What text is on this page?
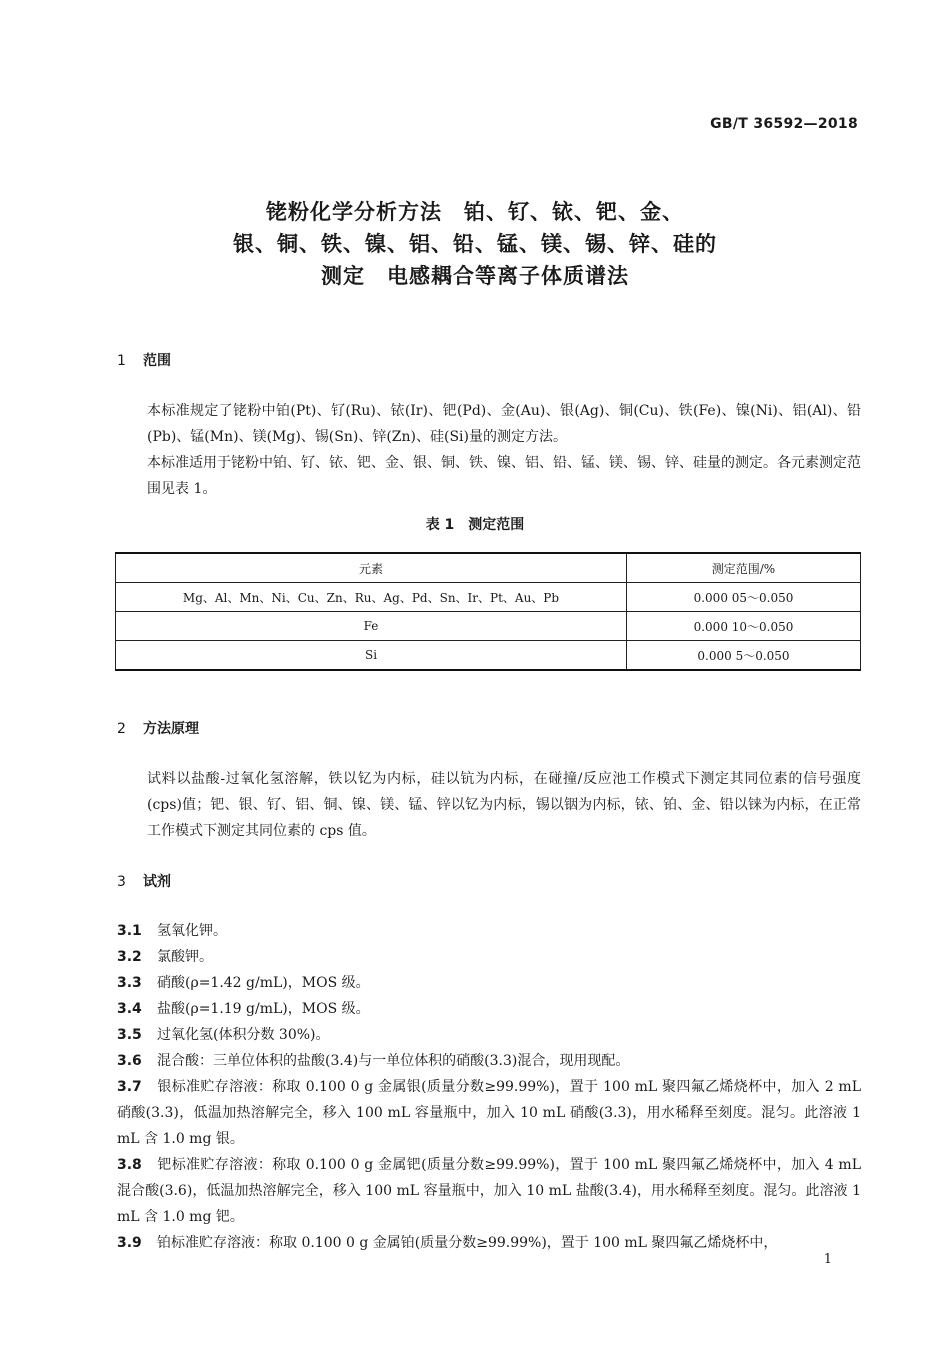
GB/T 36592—2018
铑粉化学分析方法　铂、钌、铱、钯、金、
银、铜、铁、镍、铝、铅、锰、镁、锡、锌、硅的
测定　电感耦合等离子体质谱法
1 范围

本标准规定了铑粉中铂(Pt)、钌(Ru)、铱(Ir)、钯(Pd)、金(Au)、银(Ag)、铜(Cu)、铁(Fe)、镍(Ni)、铝(Al)、铅(Pb)、锰(Mn)、镁(Mg)、锡(Sn)、锌(Zn)、硅(Si)量的测定方法。

本标准适用于铑粉中铂、钌、铱、钯、金、银、铜、铁、镍、铝、铅、锰、镁、锡、锌、硅量的测定。各元素测定范围见表 1。

表 1　测定范围
元素	测定范围/%
Mg、Al、Mn、Ni、Cu、Zn、Ru、Ag、Pd、Sn、Ir、Pt、Au、Pb	0.000 05～0.050
Fe	0.000 10～0.050
Si	0.000 5～0.050
2 方法原理

试料以盐酸-过氧化氢溶解，铁以钇为内标，硅以钪为内标，在碰撞/反应池工作模式下测定其同位素的信号强度(cps)值；钯、银、钌、铝、铜、镍、镁、锰、锌以钇为内标，锡以铟为内标，铱、铂、金、铅以铼为内标，在正常工作模式下测定其同位素的 cps 值。

3 试剂

3.1 氢氧化钾。

3.2 氯酸钾。

3.3 硝酸(ρ=1.42 g/mL)，MOS 级。

3.4 盐酸(ρ=1.19 g/mL)，MOS 级。

3.5 过氧化氢(体积分数 30%)。

3.6 混合酸：三单位体积的盐酸(3.4)与一单位体积的硝酸(3.3)混合，现用现配。

3.7 银标准贮存溶液：称取 0.100 0 g 金属银(质量分数≥99.99%)，置于 100 mL 聚四氟乙烯烧杯中，加入 2 mL 硝酸(3.3)，低温加热溶解完全，移入 100 mL 容量瓶中，加入 10 mL 硝酸(3.3)，用水稀释至刻度。混匀。此溶液 1 mL 含 1.0 mg 银。

3.8 钯标准贮存溶液：称取 0.100 0 g 金属钯(质量分数≥99.99%)，置于 100 mL 聚四氟乙烯烧杯中，加入 4 mL 混合酸(3.6)，低温加热溶解完全，移入 100 mL 容量瓶中，加入 10 mL 盐酸(3.4)，用水稀释至刻度。混匀。此溶液 1 mL 含 1.0 mg 钯。

3.9 铂标准贮存溶液：称取 0.100 0 g 金属铂(质量分数≥99.99%)，置于 100 mL 聚四氟乙烯烧杯中，

1
